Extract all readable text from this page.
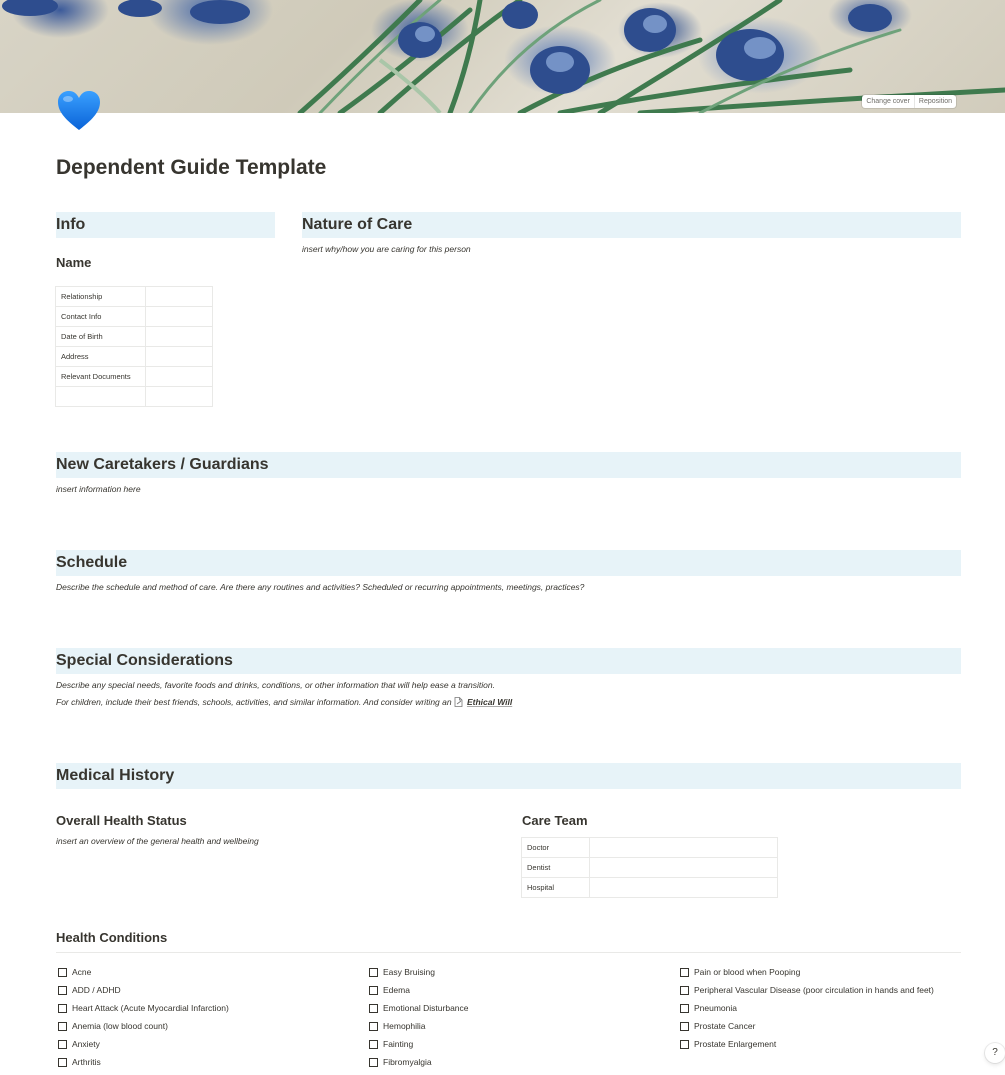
Change cover	Reposition
Dependent Guide Template
Info
Name
Relationship	
Contact Info	
Date of Birth	
Address	
Relevant Documents	

Nature of Care
insert why/how you are caring for this person
New Caretakers / Guardians
insert information here
Schedule
Describe the schedule and method of care. Are there any routines and activities? Scheduled or recurring appointments, meetings, practices?
Special Considerations
Describe any special needs, favorite foods and drinks, conditions, or other information that will help ease a transition.
For children, include their best friends, schools, activities, and similar information. And consider writing an Ethical Will
Medical History
Overall Health Status
insert an overview of the general health and wellbeing
Care Team
Doctor	
Dentist	
Hospital	
Health Conditions
Acne
ADD / ADHD
Heart Attack (Acute Myocardial Infarction)
Anemia (low blood count)
Anxiety
Arthritis
Easy Bruising
Edema
Emotional Disturbance
Hemophilia
Fainting
Fibromyalgia
Pain or blood when Pooping
Peripheral Vascular Disease (poor circulation in hands and feet)
Pneumonia
Prostate Cancer
Prostate Enlargement
?
